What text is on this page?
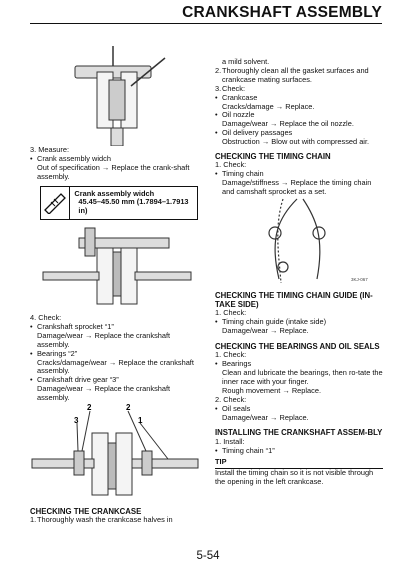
CRANKSHAFT ASSEMBLY

3. Measure:

• Crank assembly widch

Out of specification → Replace the crank-shaft assembly.

Crank assembly widch
45.45–45.50 mm (1.7894–1.7913 in)

4. Check:

• Crankshaft sprocket “1”

Damage/wear → Replace the crankshaft assembly.

• Bearings “2”

Cracks/damage/wear → Replace the crankshaft assembly.

• Crankshaft drive gear “3”

Damage/wear → Replace the crankshaft assembly.

2	2
3	1

CHECKING THE CRANKCASE

1. Thoroughly wash the crankcase halves in

a mild solvent.

2. Thoroughly clean all the gasket surfaces and crankcase mating surfaces.

3. Check:

• Crankcase

Cracks/damage → Replace.

• Oil nozzle

Damage/wear → Replace the oil nozzle.

• Oil delivery passages

Obstruction → Blow out with compressed air.

CHECKING THE TIMING CHAIN

1. Check:

• Timing chain

Damage/stiffness → Replace the timing chain and camshaft sprocket as a set.

3KJ-067

CHECKING THE TIMING CHAIN GUIDE (IN-TAKE SIDE)

1. Check:

• Timing chain guide (intake side)

Damage/wear → Replace.

CHECKING THE BEARINGS AND OIL SEALS

1. Check:

• Bearings

Clean and lubricate the bearings, then ro-tate the inner race with your finger.

Rough movement → Replace.

2. Check:

• Oil seals

Damage/wear → Replace.

INSTALLING THE CRANKSHAFT ASSEM-BLY

1. Install:

• Timing chain “1”

TIP

Install the timing chain so it is not visible through the opening in the left crankcase.

5-54
